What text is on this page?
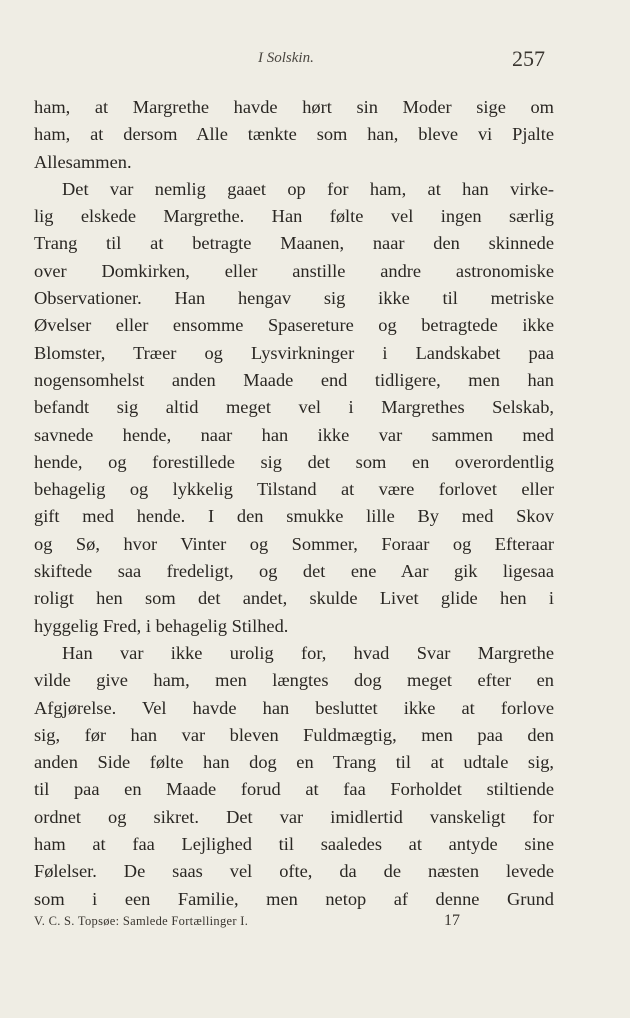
I Solskin.	257
ham, at Margrethe havde hørt sin Moder sige om
ham, at dersom Alle tænkte som han, bleve vi Pjalte
Allesammen.
Det var nemlig gaaet op for ham, at han virke-
lig elskede Margrethe. Han følte vel ingen særlig
Trang til at betragte Maanen, naar den skinnede
over Domkirken, eller anstille andre astronomiske
Observationer. Han hengav sig ikke til metriske
Øvelser eller ensomme Spasereture og betragtede ikke
Blomster, Træer og Lysvirkninger i Landskabet paa
nogensomhelst anden Maade end tidligere, men han
befandt sig altid meget vel i Margrethes Selskab,
savnede hende, naar han ikke var sammen med
hende, og forestillede sig det som en overordentlig
behagelig og lykkelig Tilstand at være forlovet eller
gift med hende. I den smukke lille By med Skov
og Sø, hvor Vinter og Sommer, Foraar og Efteraar
skiftede saa fredeligt, og det ene Aar gik ligesaa
roligt hen som det andet, skulde Livet glide hen i
hyggelig Fred, i behagelig Stilhed.
Han var ikke urolig for, hvad Svar Margrethe
vilde give ham, men længtes dog meget efter en
Afgjørelse. Vel havde han besluttet ikke at forlove
sig, før han var bleven Fuldmægtig, men paa den
anden Side følte han dog en Trang til at udtale sig,
til paa en Maade forud at faa Forholdet stiltiende
ordnet og sikret. Det var imidlertid vanskeligt for
ham at faa Lejlighed til saaledes at antyde sine
Følelser. De saas vel ofte, da de næsten levede
som i een Familie, men netop af denne Grund
V. C. S. Topsøe: Samlede Fortællinger I.	17
